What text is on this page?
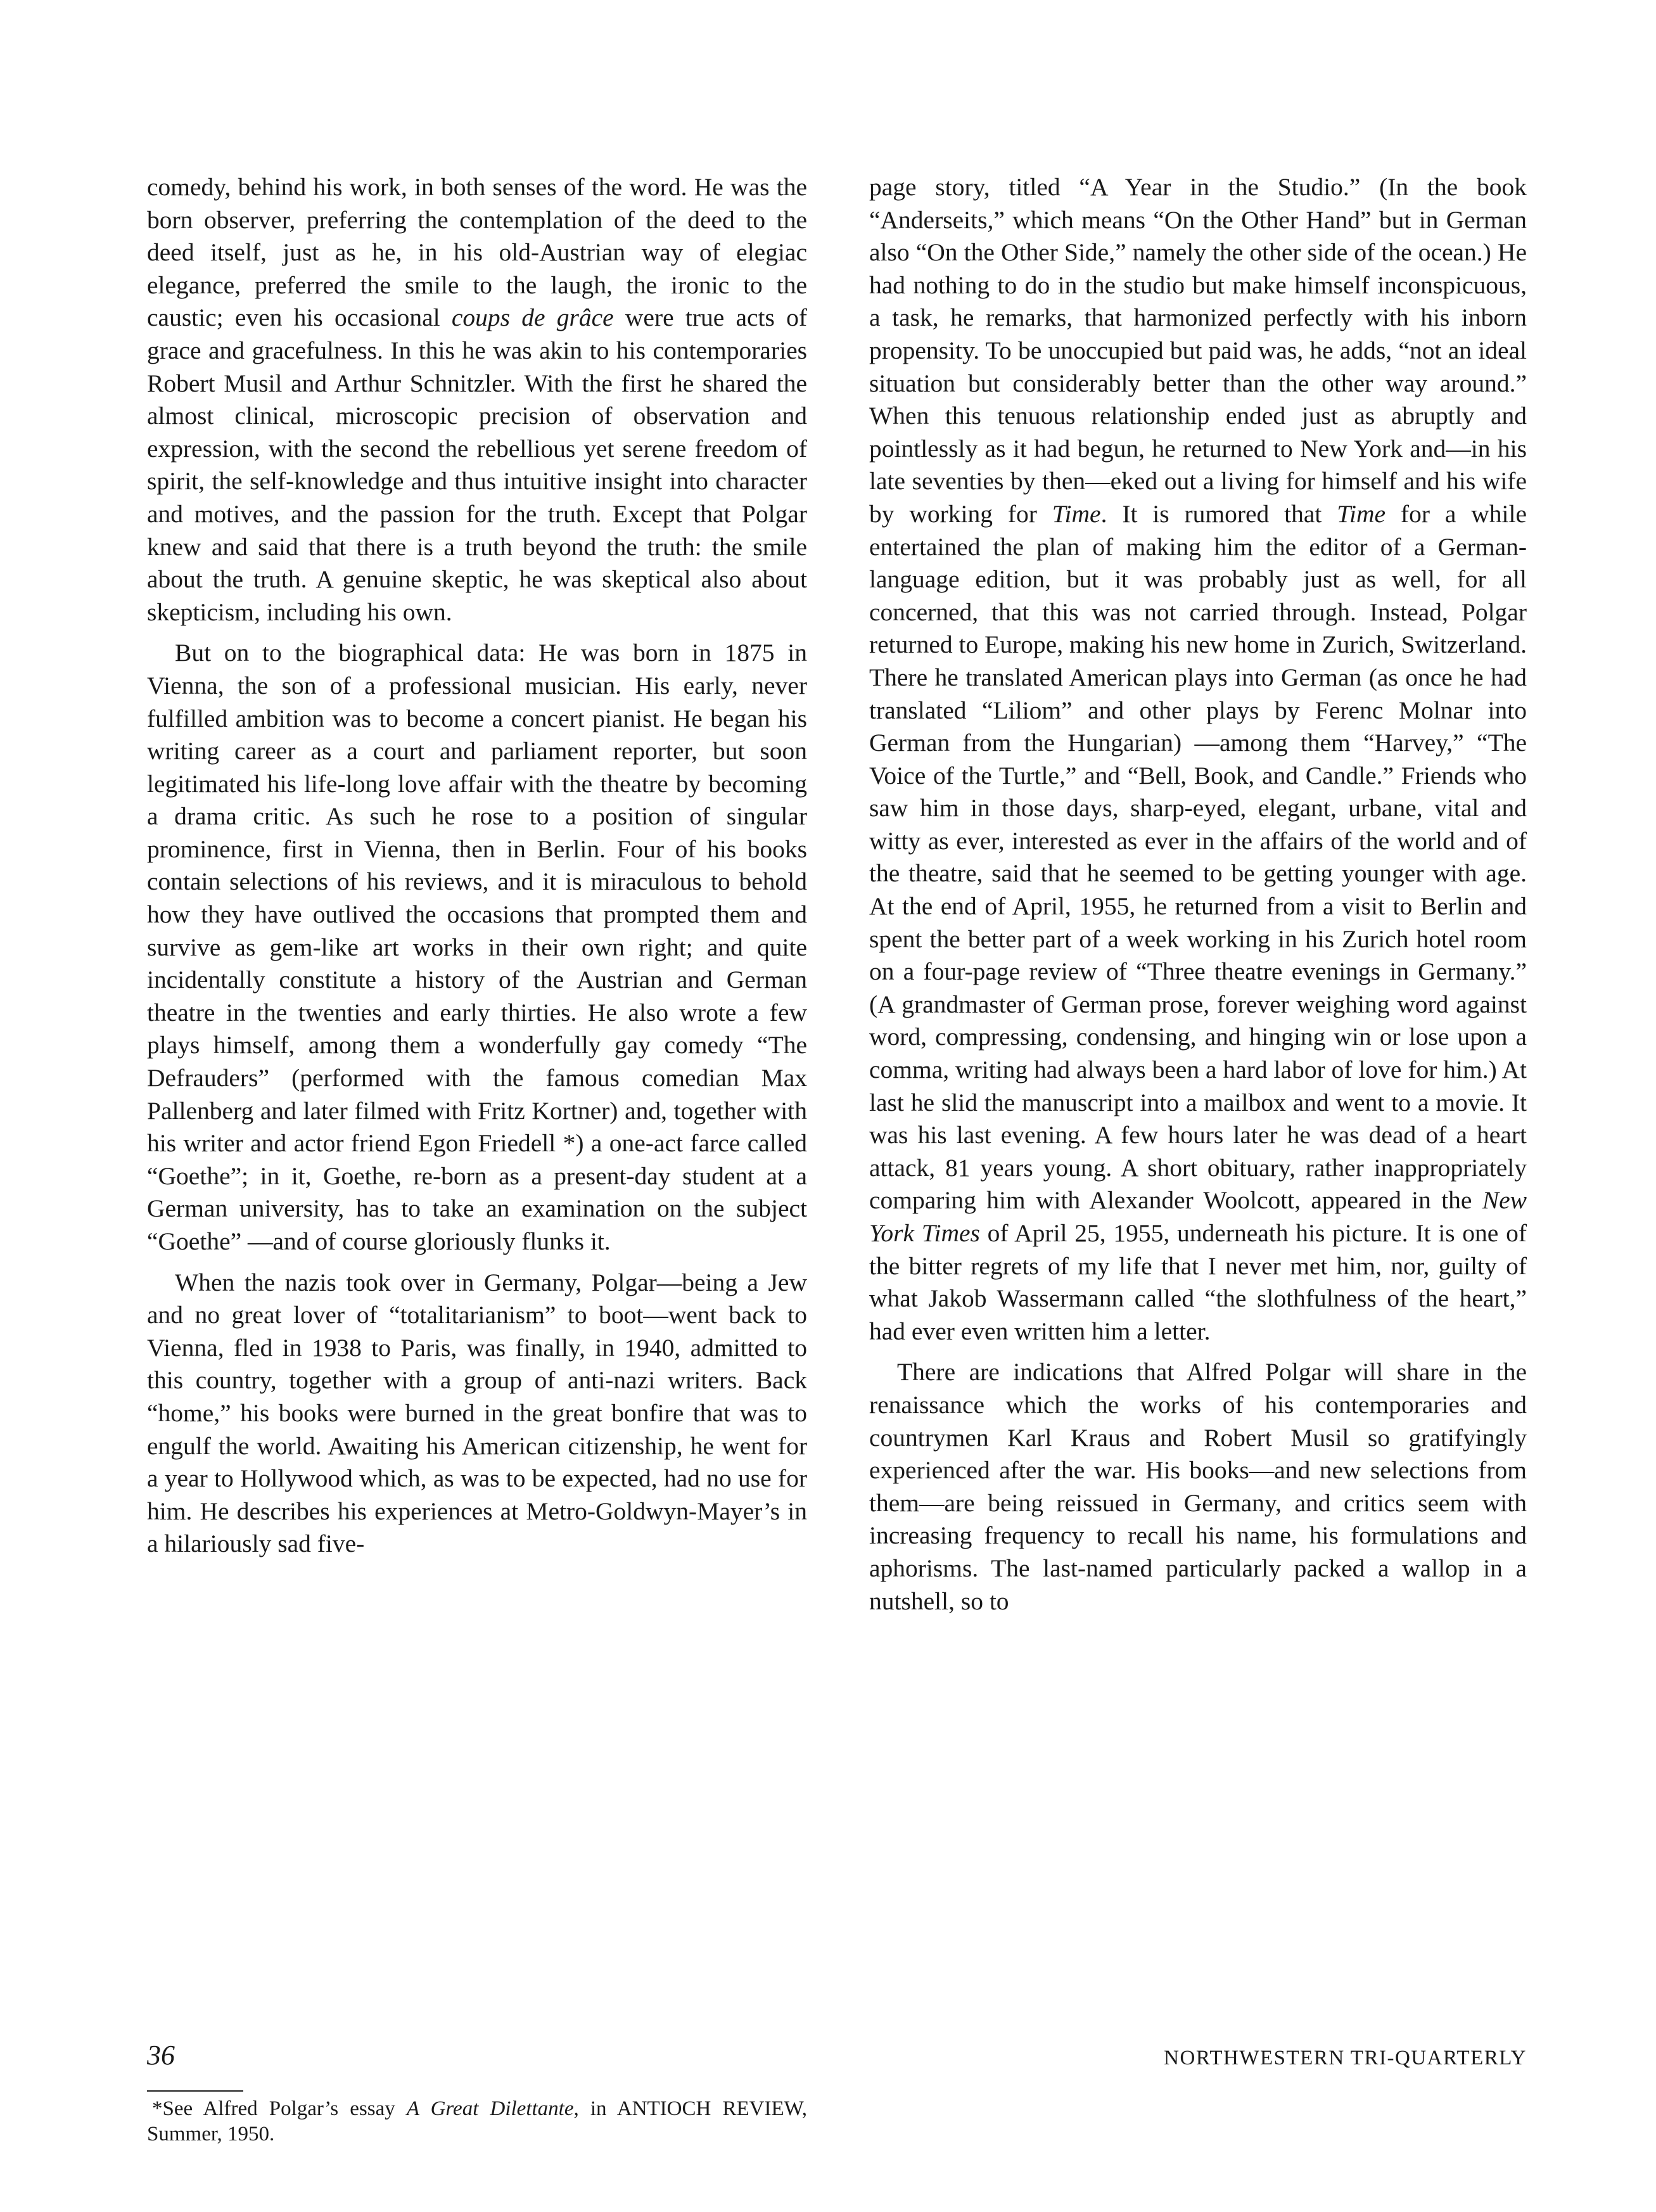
comedy, behind his work, in both senses of the word. He was the born observer, preferring the contemplation of the deed to the deed itself, just as he, in his old-Austrian way of elegiac elegance, preferred the smile to the laugh, the ironic to the caustic; even his occasional coups de grâce were true acts of grace and gracefulness. In this he was akin to his contemporaries Robert Musil and Arthur Schnitzler. With the first he shared the almost clinical, microscopic precision of observation and expression, with the second the rebellious yet serene freedom of spirit, the self-knowledge and thus intuitive insight into character and motives, and the passion for the truth. Except that Polgar knew and said that there is a truth beyond the truth: the smile about the truth. A genuine skeptic, he was skeptical also about skepticism, including his own.

But on to the biographical data: He was born in 1875 in Vienna, the son of a professional musician. His early, never fulfilled ambition was to become a concert pianist. He began his writing career as a court and parliament reporter, but soon legitimated his life-long love affair with the theatre by becoming a drama critic. As such he rose to a position of singular prominence, first in Vienna, then in Berlin. Four of his books contain selections of his reviews, and it is miraculous to behold how they have outlived the occasions that prompted them and survive as gem-like art works in their own right; and quite incidentally constitute a history of the Austrian and German theatre in the twenties and early thirties. He also wrote a few plays himself, among them a wonderfully gay comedy “The Defrauders” (performed with the famous comedian Max Pallenberg and later filmed with Fritz Kortner) and, together with his writer and actor friend Egon Friedell *) a one-act farce called “Goethe”; in it, Goethe, re-born as a present-day student at a German university, has to take an examination on the subject “Goethe” —and of course gloriously flunks it.

When the nazis took over in Germany, Polgar—being a Jew and no great lover of “totalitarianism” to boot—went back to Vienna, fled in 1938 to Paris, was finally, in 1940, admitted to this country, together with a group of anti-nazi writers. Back “home,” his books were burned in the great bonfire that was to engulf the world. Awaiting his American citizenship, he went for a year to Hollywood which, as was to be expected, had no use for him. He describes his experiences at Metro-Goldwyn-Mayer’s in a hilariously sad five-

page story, titled “A Year in the Studio.” (In the book “Anderseits,” which means “On the Other Hand” but in German also “On the Other Side,” namely the other side of the ocean.) He had nothing to do in the studio but make himself inconspicuous, a task, he remarks, that harmonized perfectly with his inborn propensity. To be unoccupied but paid was, he adds, “not an ideal situation but considerably better than the other way around.” When this tenuous relationship ended just as abruptly and pointlessly as it had begun, he returned to New York and—in his late seventies by then—eked out a living for himself and his wife by working for Time. It is rumored that Time for a while entertained the plan of making him the editor of a German-language edition, but it was probably just as well, for all concerned, that this was not carried through. Instead, Polgar returned to Europe, making his new home in Zurich, Switzerland. There he translated American plays into German (as once he had translated “Liliom” and other plays by Ferenc Molnar into German from the Hungarian) —among them “Harvey,” “The Voice of the Turtle,” and “Bell, Book, and Candle.” Friends who saw him in those days, sharp-eyed, elegant, urbane, vital and witty as ever, interested as ever in the affairs of the world and of the theatre, said that he seemed to be getting younger with age. At the end of April, 1955, he returned from a visit to Berlin and spent the better part of a week working in his Zurich hotel room on a four-page review of “Three theatre evenings in Germany.” (A grandmaster of German prose, forever weighing word against word, compressing, condensing, and hinging win or lose upon a comma, writing had always been a hard labor of love for him.) At last he slid the manuscript into a mailbox and went to a movie. It was his last evening. A few hours later he was dead of a heart attack, 81 years young. A short obituary, rather inappropriately comparing him with Alexander Woolcott, appeared in the New York Times of April 25, 1955, underneath his picture. It is one of the bitter regrets of my life that I never met him, nor, guilty of what Jakob Wassermann called “the slothfulness of the heart,” had ever even written him a letter.

There are indications that Alfred Polgar will share in the renaissance which the works of his contemporaries and countrymen Karl Kraus and Robert Musil so gratifyingly experienced after the war. His books—and new selections from them—are being reissued in Germany, and critics seem with increasing frequency to recall his name, his formulations and aphorisms. The last-named particularly packed a wallop in a nutshell, so to

*See Alfred Polgar’s essay A Great Dilettante, in ANTIOCH REVIEW, Summer, 1950.
36	NORTHWESTERN TRI-QUARTERLY
